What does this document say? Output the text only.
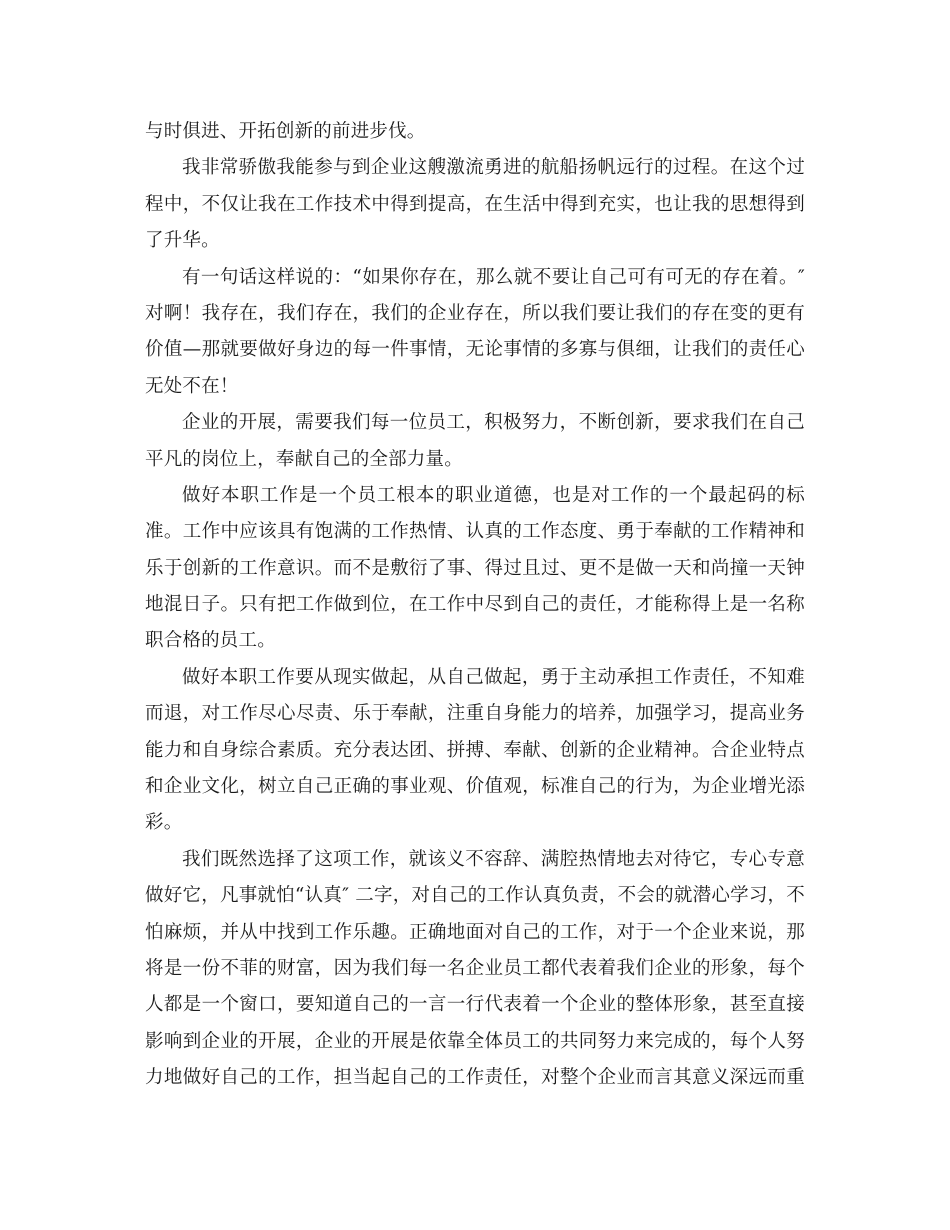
与时俱进、开拓创新的前进步伐。
我非常骄傲我能参与到企业这艘激流勇进的航船扬帆远行的过程。在这个过
程中，不仅让我在工作技术中得到提高，在生活中得到充实，也让我的思想得到
了升华。
有一句话这样说的：“如果你存在，那么就不要让自己可有可无的存在着。″
对啊！我存在，我们存在，我们的企业存在，所以我们要让我们的存在变的更有
价值—那就要做好身边的每一件事情，无论事情的多寡与俱细，让我们的责任心
无处不在！
企业的开展，需要我们每一位员工，积极努力，不断创新，要求我们在自己
平凡的岗位上，奉献自己的全部力量。
做好本职工作是一个员工根本的职业道德，也是对工作的一个最起码的标
准。工作中应该具有饱满的工作热情、认真的工作态度、勇于奉献的工作精神和
乐于创新的工作意识。而不是敷衍了事、得过且过、更不是做一天和尚撞一天钟
地混日子。只有把工作做到位，在工作中尽到自己的责任，才能称得上是一名称
职合格的员工。
做好本职工作要从现实做起，从自己做起，勇于主动承担工作责任，不知难
而退，对工作尽心尽责、乐于奉献，注重自身能力的培养，加强学习，提高业务
能力和自身综合素质。充分表达团、拼搏、奉献、创新的企业精神。合企业特点
和企业文化，树立自己正确的事业观、价值观，标准自己的行为，为企业增光添
彩。
我们既然选择了这项工作，就该义不容辞、满腔热情地去对待它，专心专意
做好它，凡事就怕“认真″ 二字，对自己的工作认真负责，不会的就潜心学习，不
怕麻烦，并从中找到工作乐趣。正确地面对自己的工作，对于一个企业来说，那
将是一份不菲的财富，因为我们每一名企业员工都代表着我们企业的形象，每个
人都是一个窗口，要知道自己的一言一行代表着一个企业的整体形象，甚至直接
影响到企业的开展，企业的开展是依靠全体员工的共同努力来完成的，每个人努
力地做好自己的工作，担当起自己的工作责任，对整个企业而言其意义深远而重
